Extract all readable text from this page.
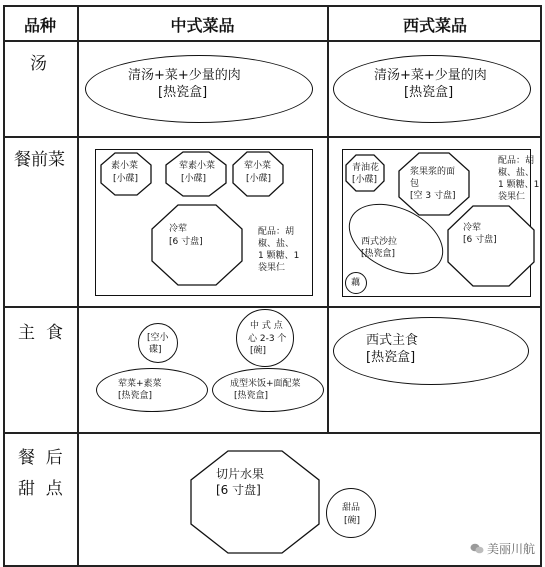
品种	中式菜品	西式菜品
汤
餐前菜
主 食
餐  后
甜  点
清汤+菜+少量的肉
[热瓷盒]
清汤+菜+少量的肉
[热瓷盒]
素小菜
[小碟]
荤素小菜
[小碟]
荤小菜
[小碟]
冷荤
[6 寸盘]
配品：胡
椒、盐、
1 颗糖、1
袋果仁
青油花
[小碟]
浆果浆的面
包
[空 3 寸盘]
配品：胡
椒、盐、
1 颗糖、1
袋果仁
西式沙拉
[热瓷盒]
冷荤
[6 寸盘]
藕
[空小
碟]
中 式 点
心 2-3 个
[碗]
荤菜+素菜
[热瓷盒]
成型米饭+面配菜
[热瓷盒]
西式主食
[热瓷盒]
切片水果
[6 寸盘]
甜品
[碗]
美丽川航
